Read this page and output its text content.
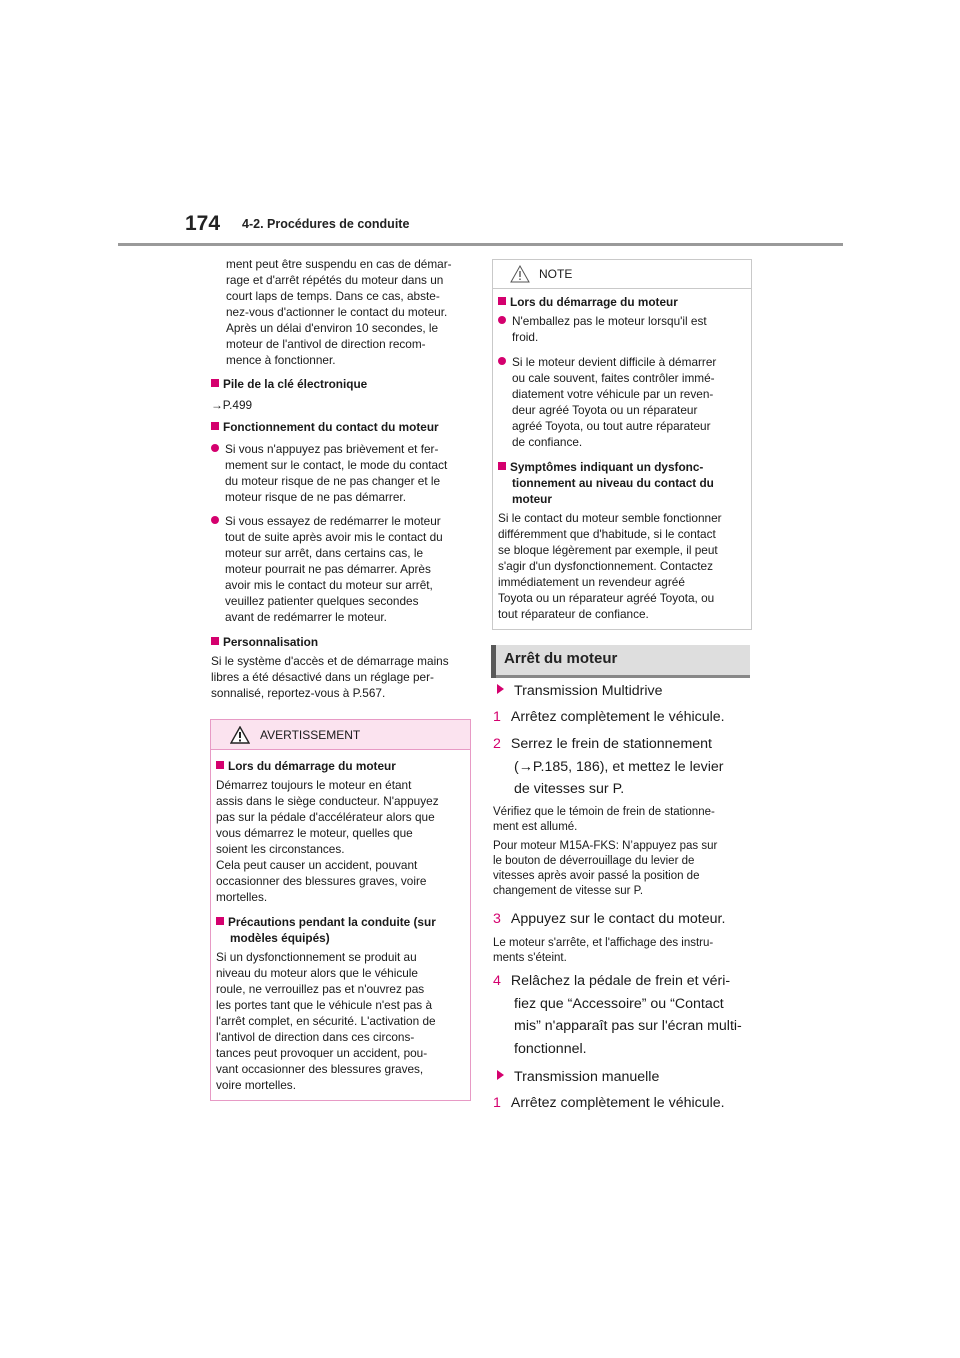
174 4-2. Procédures de conduite

ment peut être suspendu en cas de démar-

rage et d'arrêt répétés du moteur dans un

court laps de temps. Dans ce cas, abste-

nez-vous d'actionner le contact du moteur.

Après un délai d'environ 10 secondes, le

moteur de l'antivol de direction recom-

mence à fonctionner.

Pile de la clé électronique

→P.499

Fonctionnement du contact du moteur

Si vous n'appuyez pas brièvement et fer-

mement sur le contact, le mode du contact

du moteur risque de ne pas changer et le

moteur risque de ne pas démarrer.

Si vous essayez de redémarrer le moteur

tout de suite après avoir mis le contact du

moteur sur arrêt, dans certains cas, le

moteur pourrait ne pas démarrer. Après

avoir mis le contact du moteur sur arrêt,

veuillez patienter quelques secondes

avant de redémarrer le moteur.

Personnalisation

Si le système d'accès et de démarrage mains

libres a été désactivé dans un réglage per-

sonnalisé, reportez-vous à P.567.

AVERTISSEMENT

Lors du démarrage du moteur

Démarrez toujours le moteur en étant

assis dans le siège conducteur. N'appuyez

pas sur la pédale d'accélérateur alors que

vous démarrez le moteur, quelles que

soient les circonstances.

Cela peut causer un accident, pouvant

occasionner des blessures graves, voire

mortelles.

Précautions pendant la conduite (sur

modèles équipés)

Si un dysfonctionnement se produit au

niveau du moteur alors que le véhicule

roule, ne verrouillez pas et n'ouvrez pas

les portes tant que le véhicule n'est pas à

l'arrêt complet, en sécurité. L'activation de

l'antivol de direction dans ces circons-

tances peut provoquer un accident, pou-

vant occasionner des blessures graves,

voire mortelles.

NOTE

Lors du démarrage du moteur

N'emballez pas le moteur lorsqu'il est

froid.

Si le moteur devient difficile à démarrer

ou cale souvent, faites contrôler immé-

diatement votre véhicule par un reven-

deur agréé Toyota ou un réparateur

agréé Toyota, ou tout autre réparateur

de confiance.

Symptômes indiquant un dysfonc-

tionnement au niveau du contact du

moteur

Si le contact du moteur semble fonctionner

différemment que d'habitude, si le contact

se bloque légèrement par exemple, il peut

s'agir d'un dysfonctionnement. Contactez

immédiatement un revendeur agréé

Toyota ou un réparateur agréé Toyota, ou

tout réparateur de confiance.

Arrêt du moteur
Transmission Multidrive
1 Arrêtez complètement le véhicule.

2 Serrez le frein de stationnement

(→P.185, 186), et mettez le levier

de vitesses sur P.

Vérifiez que le témoin de frein de stationne-

ment est allumé.

Pour moteur M15A-FKS: N’appuyez pas sur

le bouton de déverrouillage du levier de

vitesses après avoir passé la position de

changement de vitesse sur P.

3 Appuyez sur le contact du moteur.

Le moteur s'arrête, et l'affichage des instru-

ments s'éteint.

4 Relâchez la pédale de frein et véri-

fiez que “Accessoire” ou “Contact

mis” n'apparaît pas sur l'écran multi-

fonctionnel.

Transmission manuelle
1 Arrêtez complètement le véhicule.
